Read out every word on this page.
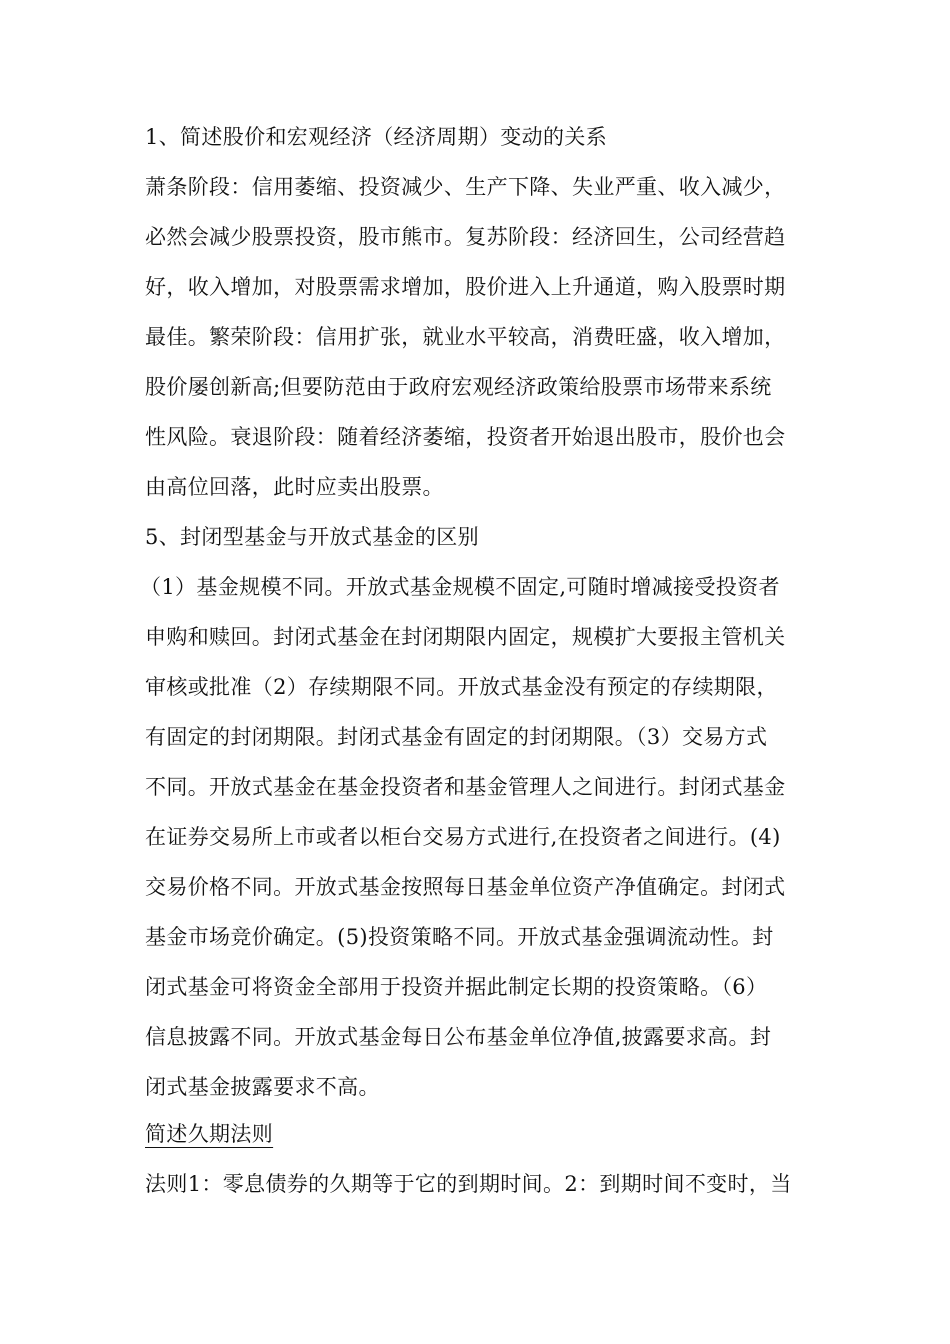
1、简述股价和宏观经济（经济周期）变动的关系
萧条阶段：信用萎缩、投资减少、生产下降、失业严重、收入减少，
必然会减少股票投资，股市熊市。复苏阶段：经济回生，公司经营趋
好，收入增加，对股票需求增加，股价进入上升通道，购入股票时期
最佳。繁荣阶段：信用扩张，就业水平较高，消费旺盛，收入增加，
股价屡创新高;但要防范由于政府宏观经济政策给股票市场带来系统
性风险。衰退阶段：随着经济萎缩，投资者开始退出股市，股价也会
由高位回落，此时应卖出股票。
5、封闭型基金与开放式基金的区别
（1）基金规模不同。开放式基金规模不固定,可随时增减接受投资者
申购和赎回。封闭式基金在封闭期限内固定，规模扩大要报主管机关
审核或批准（2）存续期限不同。开放式基金没有预定的存续期限，
有固定的封闭期限。封闭式基金有固定的封闭期限。（3）交易方式
不同。开放式基金在基金投资者和基金管理人之间进行。封闭式基金
在证券交易所上市或者以柜台交易方式进行,在投资者之间进行。(4)
交易价格不同。开放式基金按照每日基金单位资产净值确定。封闭式
基金市场竞价确定。(5)投资策略不同。开放式基金强调流动性。封
闭式基金可将资金全部用于投资并据此制定长期的投资策略。（6）
信息披露不同。开放式基金每日公布基金单位净值,披露要求高。封
闭式基金披露要求不高。
简述久期法则
法则1：零息债券的久期等于它的到期时间。2：到期时间不变时，当
